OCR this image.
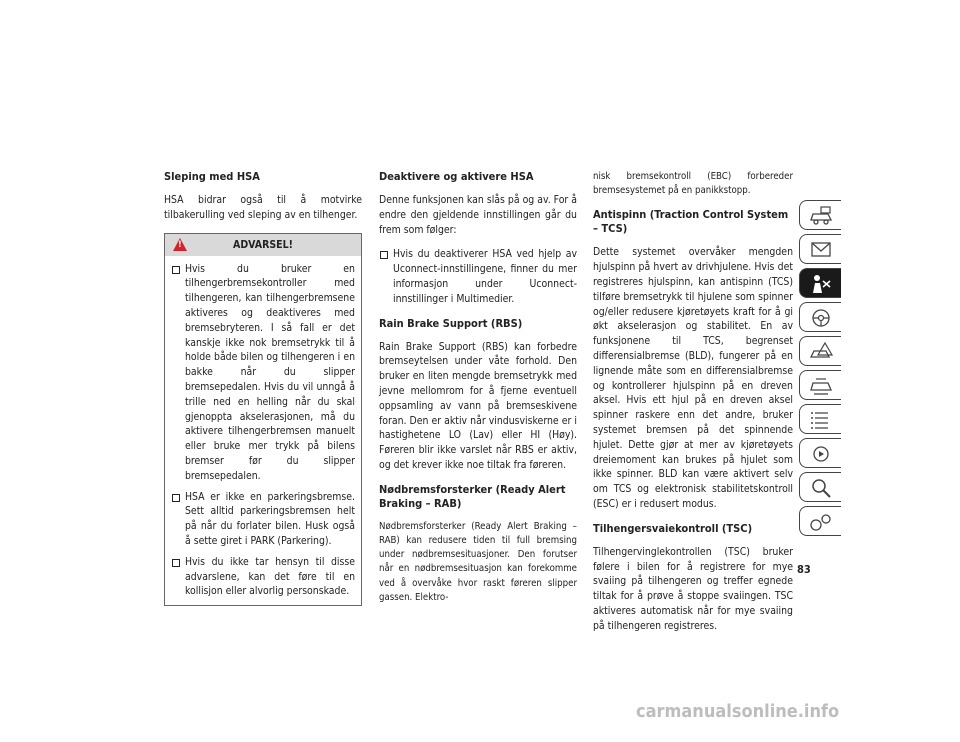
Sleping med HSA

HSA bidrar også til å motvirke tilbakerulling ved sleping av en tilhenger.

!
ADVARSEL!
Hvis du bruker en tilhengerbremsekontroller med tilhengeren, kan tilhengerbremsene aktiveres og deaktiveres med bremsebryteren. I så fall er det kanskje ikke nok bremsetrykk til å holde både bilen og tilhengeren i en bakke når du slipper bremsepedalen. Hvis du vil unngå å trille ned en helling når du skal gjenoppta akselerasjonen, må du aktivere tilhengerbremsen manuelt eller bruke mer trykk på bilens bremser før du slipper bremsepedalen.
HSA er ikke en parkeringsbremse. Sett alltid parkeringsbremsen helt på når du forlater bilen. Husk også å sette giret i PARK (Parkering).
Hvis du ikke tar hensyn til disse advarslene, kan det føre til en kollisjon eller alvorlig personskade.
Deaktivere og aktivere HSA

Denne funksjonen kan slås på og av. For å endre den gjeldende innstillingen går du frem som følger:

Hvis du deaktiverer HSA ved hjelp av Uconnect-innstillingene, finner du mer informasjon under Uconnect-innstillinger i Multimedier.
Rain Brake Support (RBS)

Rain Brake Support (RBS) kan forbedre bremseytelsen under våte forhold. Den bruker en liten mengde bremsetrykk med jevne mellomrom for å fjerne eventuell oppsamling av vann på bremseskivene foran. Den er aktiv når vindusviskerne er i hastighetene LO (Lav) eller HI (Høy). Føreren blir ikke varslet når RBS er aktiv, og det krever ikke noe tiltak fra føreren.

Nødbremsforsterker (Ready Alert Braking – RAB)

Nødbremsforsterker (Ready Alert Braking – RAB) kan redusere tiden til full bremsing under nødbremsesituasjoner. Den forutser når en nødbremsesituasjon kan forekomme ved å overvåke hvor raskt føreren slipper gassen. Elektro-

nisk bremsekontroll (EBC) forbereder bremsesystemet på en panikkstopp.

Antispinn (Traction Control System – TCS)

Dette systemet overvåker mengden hjulspinn på hvert av drivhjulene. Hvis det registreres hjulspinn, kan antispinn (TCS) tilføre bremsetrykk til hjulene som spinner og/eller redusere kjøretøyets kraft for å gi økt akselerasjon og stabilitet. En av funksjonene til TCS, begrenset differensialbremse (BLD), fungerer på en lignende måte som en differensialbremse og kontrollerer hjulspinn på en dreven aksel. Hvis ett hjul på en dreven aksel spinner raskere enn det andre, bruker systemet bremsen på det spinnende hjulet. Dette gjør at mer av kjøretøyets dreiemoment kan brukes på hjulet som ikke spinner. BLD kan være aktivert selv om TCS og elektronisk stabilitetskontroll (ESC) er i redusert modus.

Tilhengersvaiekontroll (TSC)

Tilhengervinglekontrollen (TSC) bruker følere i bilen for å registrere for mye svaiing på tilhengeren og treffer egnede tiltak for å prøve å stoppe svaiingen. TSC aktiveres automatisk når for mye svaiing på tilhengeren registreres.

83
carmanualsonline.info
